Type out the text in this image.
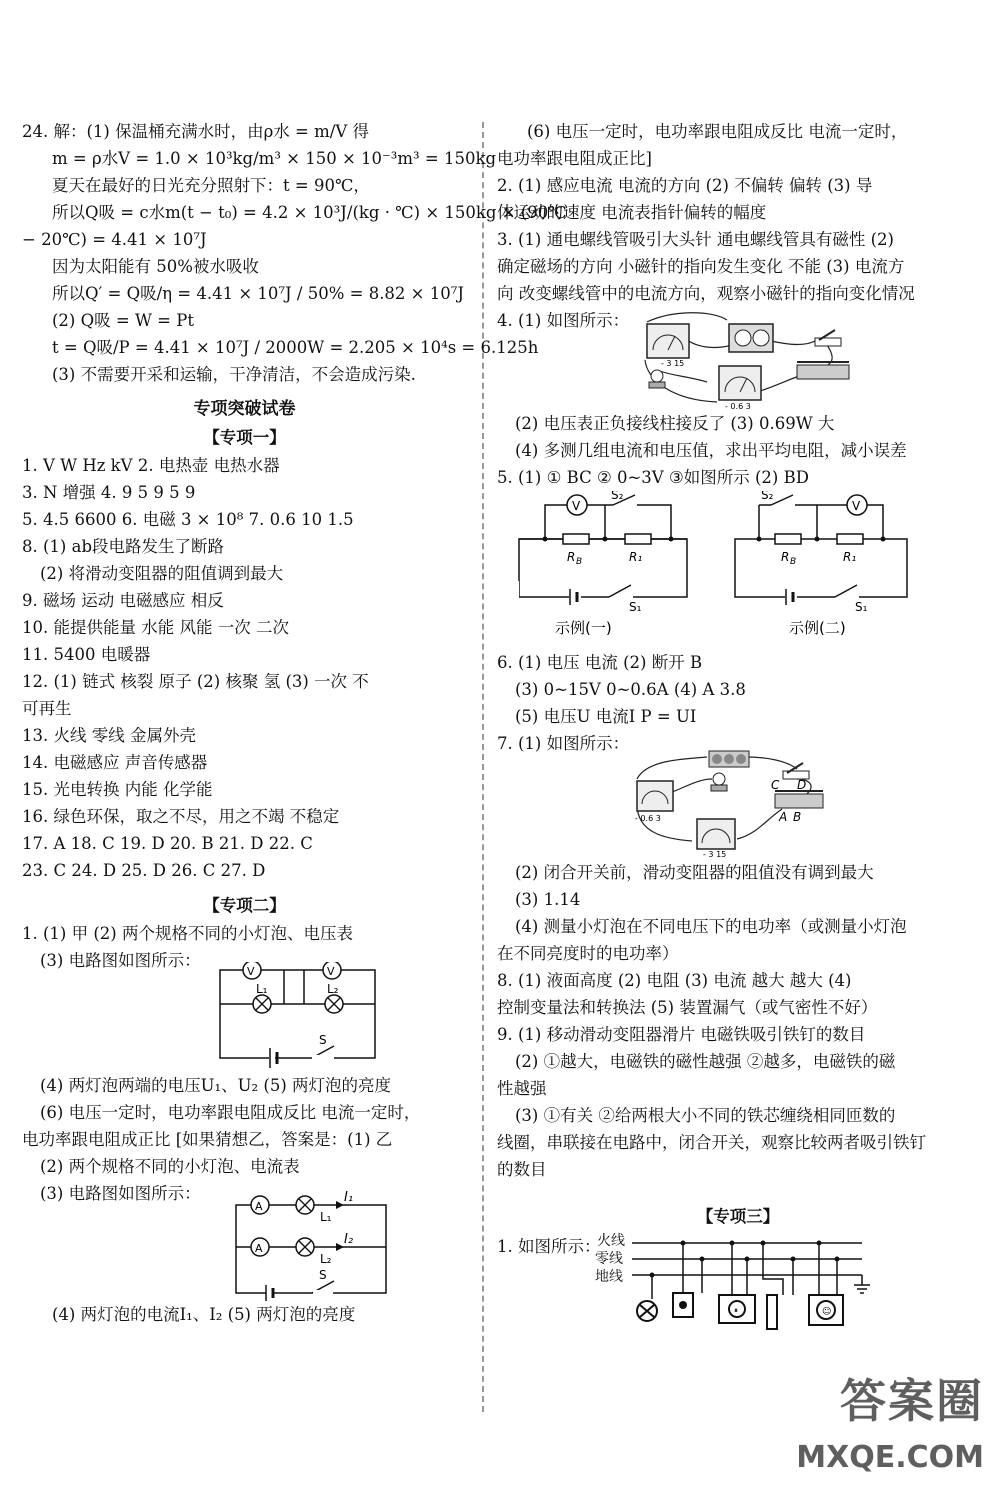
24. 解：(1) 保温桶充满水时，由ρ水 = m/V 得
m = ρ水V = 1.0 × 10³kg/m³ × 150 × 10⁻³m³ = 150kg
夏天在最好的日光充分照射下：t = 90℃，
所以Q吸 = c水m(t − t₀) = 4.2 × 10³J/(kg · ℃) × 150kg × (90℃
− 20℃) = 4.41 × 10⁷J
因为太阳能有 50%被水吸收
所以Q′ = Q吸/η = 4.41 × 10⁷J / 50% = 8.82 × 10⁷J
(2) Q吸 = W = Pt
t = Q吸/P = 4.41 × 10⁷J / 2000W = 2.205 × 10⁴s = 6.125h
(3) 不需要开采和运输，干净清洁，不会造成污染.
专项突破试卷
【专项一】
1. V W Hz kV 2. 电热壶 电热水器
3. N 增强 4. 9 5 9 5 9
5. 4.5 6600 6. 电磁 3 × 10⁸ 7. 0.6 10 1.5
8. (1) ab段电路发生了断路
(2) 将滑动变阻器的阻值调到最大
9. 磁场 运动 电磁感应 相反
10. 能提供能量 水能 风能 一次 二次
11. 5400 电暖器
12. (1) 链式 核裂 原子 (2) 核聚 氢 (3) 一次 不
可再生
13. 火线 零线 金属外壳
14. 电磁感应 声音传感器
15. 光电转换 内能 化学能
16. 绿色环保，取之不尽，用之不竭 不稳定
17. A 18. C 19. D 20. B 21. D 22. C
23. C 24. D 25. D 26. C 27. D
【专项二】
1. (1) 甲 (2) 两个规格不同的小灯泡、电压表
(3) 电路图如图所示：
V	V
L₁	L₂
S
(4) 两灯泡两端的电压U₁、U₂ (5) 两灯泡的亮度
(6) 电压一定时，电功率跟电阻成反比 电流一定时，
电功率跟电阻成正比 [如果猜想乙，答案是：(1) 乙
(2) 两个规格不同的小灯泡、电流表
(3) 电路图如图所示：
A
A
L₁
L₂
I₁
I₂
S
(4) 两灯泡的电流I₁、I₂ (5) 两灯泡的亮度
(6) 电压一定时，电功率跟电阻成反比 电流一定时，
电功率跟电阻成正比]
2. (1) 感应电流 电流的方向 (2) 不偏转 偏转 (3) 导
体运动的速度 电流表指针偏转的幅度
3. (1) 通电螺线管吸引大头针 通电螺线管具有磁性 (2)
确定磁场的方向 小磁针的指向发生变化 不能 (3) 电流方
向 改变螺线管中的电流方向，观察小磁针的指向变化情况
4. (1) 如图所示：
- 3 15
- 0.6 3
(2) 电压表正负接线柱接反了 (3) 0.69W 大
(4) 多测几组电流和电压值，求出平均电阻，减小误差
5. (1) ① BC ② 0~3V ③如图所示 (2) BD
V
S₂
R B	R₁
S₁
示例(一)
V
S₂
R B	R₁
S₁
示例(二)
6. (1) 电压 电流 (2) 断开 B
(3) 0~15V 0~0.6A (4) A 3.8
(5) 电压U 电流I P = UI
7. (1) 如图所示：
C D
A B
- 0.6 3
- 3 15
(2) 闭合开关前，滑动变阻器的阻值没有调到最大
(3) 1.14
(4) 测量小灯泡在不同电压下的电功率（或测量小灯泡
在不同亮度时的电功率）
8. (1) 液面高度 (2) 电阻 (3) 电流 越大 越大 (4)
控制变量法和转换法 (5) 装置漏气（或气密性不好）
9. (1) 移动滑动变阻器滑片 电磁铁吸引铁钉的数目
(2) ①越大，电磁铁的磁性越强 ②越多，电磁铁的磁
性越强
(3) ①有关 ②给两根大小不同的铁芯缠绕相同匝数的
线圈，串联接在电路中，闭合开关，观察比较两者吸引铁钉
的数目
【专项三】
1. 如图所示：
火线
零线
地线
⏸	☺
答案圈
MXQE.COM
